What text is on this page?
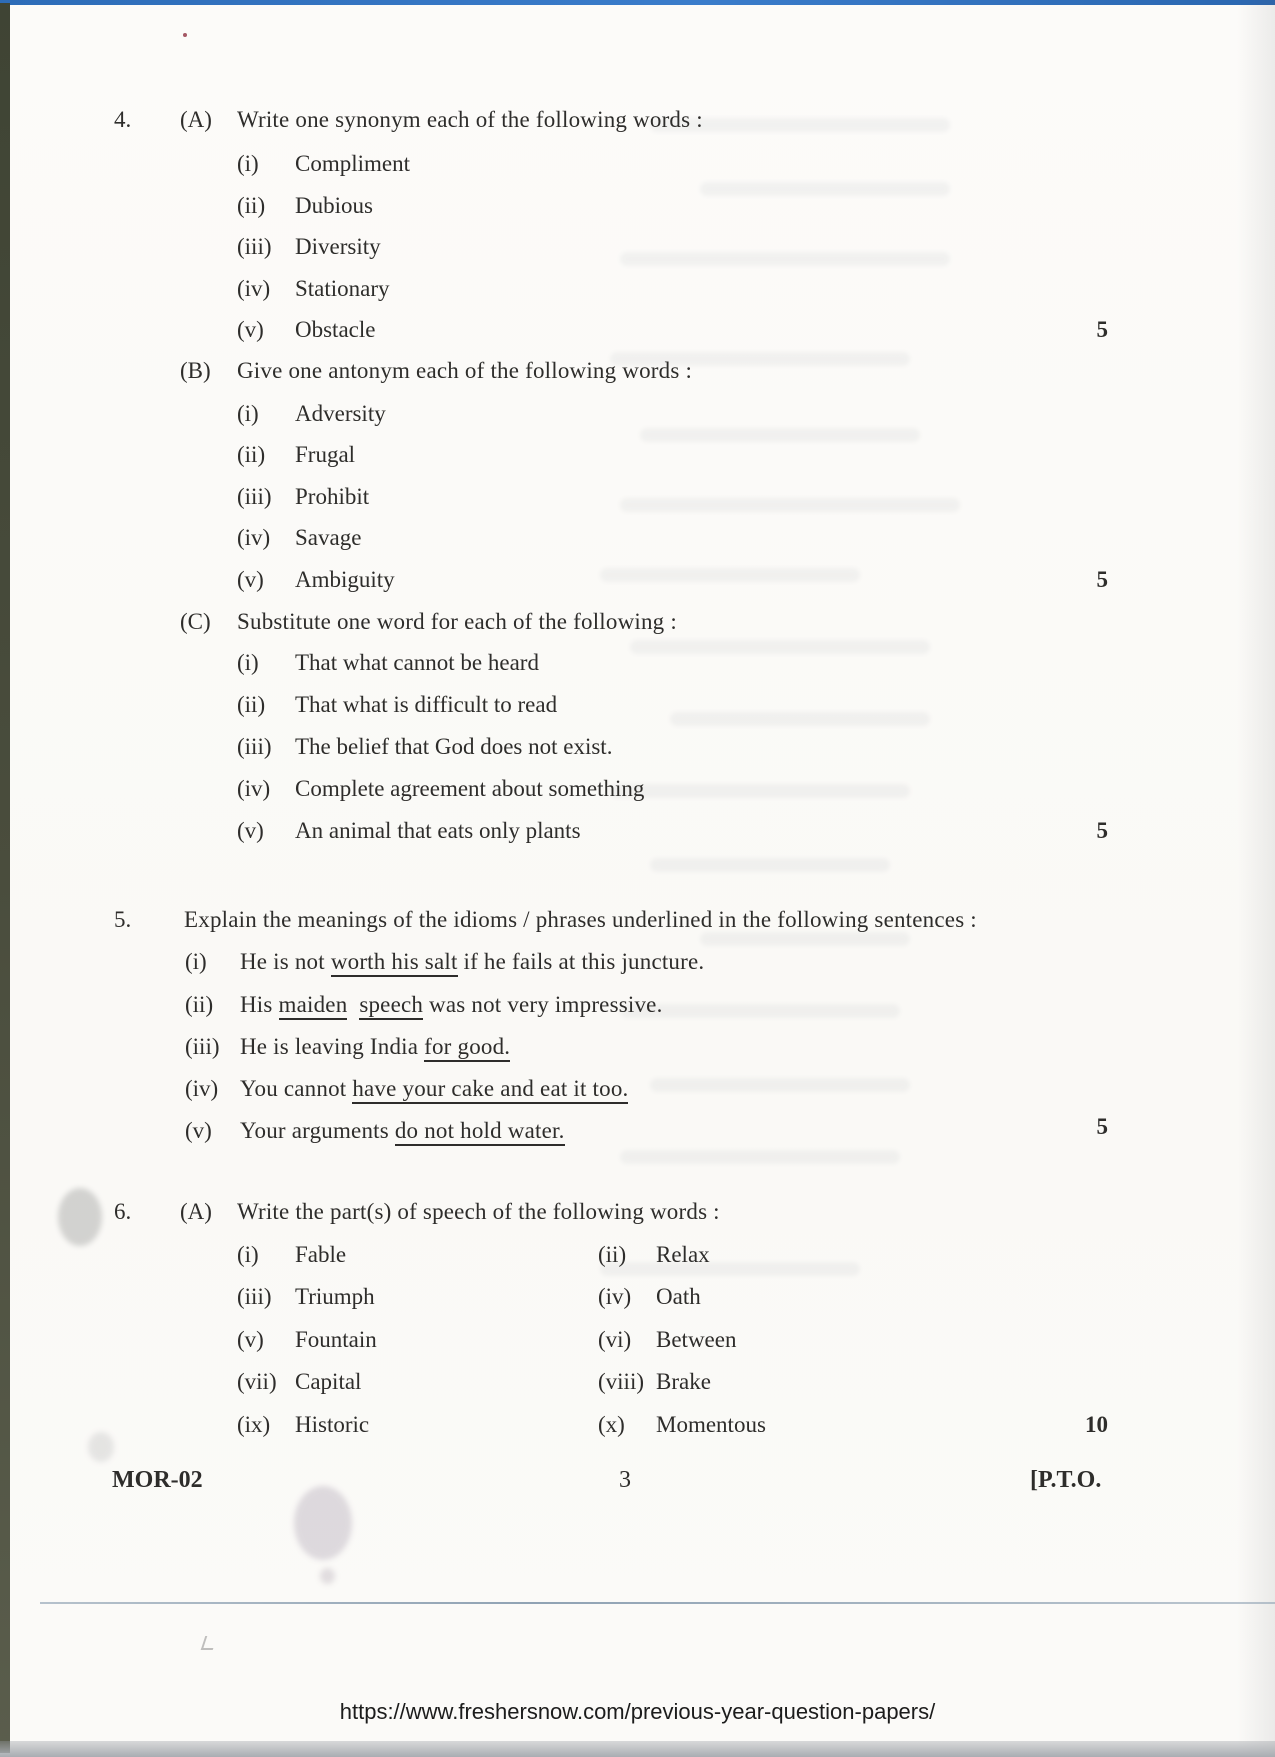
4. (A) Write one synonym each of the following words :
(i) Compliment
(ii) Dubious
(iii) Diversity
(iv) Stationary
(v) Obstacle	5
(B) Give one antonym each of the following words :
(i) Adversity
(ii) Frugal
(iii) Prohibit
(iv) Savage
(v) Ambiguity	5
(C) Substitute one word for each of the following :
(i) That what cannot be heard
(ii) That what is difficult to read
(iii) The belief that God does not exist.
(iv) Complete agreement about something
(v) An animal that eats only plants	5
5. Explain the meanings of the idioms / phrases underlined in the following sentences :
(i) He is not worth his salt if he fails at this juncture.
(ii) His maiden speech was not very impressive.
(iii) He is leaving India for good.
(iv) You cannot have your cake and eat it too.
(v) Your arguments do not hold water.	5
6. (A) Write the part(s) of speech of the following words :
(i) Fable	(ii) Relax
(iii) Triumph	(iv) Oath
(v) Fountain	(vi) Between
(vii) Capital	(viii) Brake
(ix) Historic	(x) Momentous	10
MOR-02	3	[P.T.O.
https://www.freshersnow.com/previous-year-question-papers/
